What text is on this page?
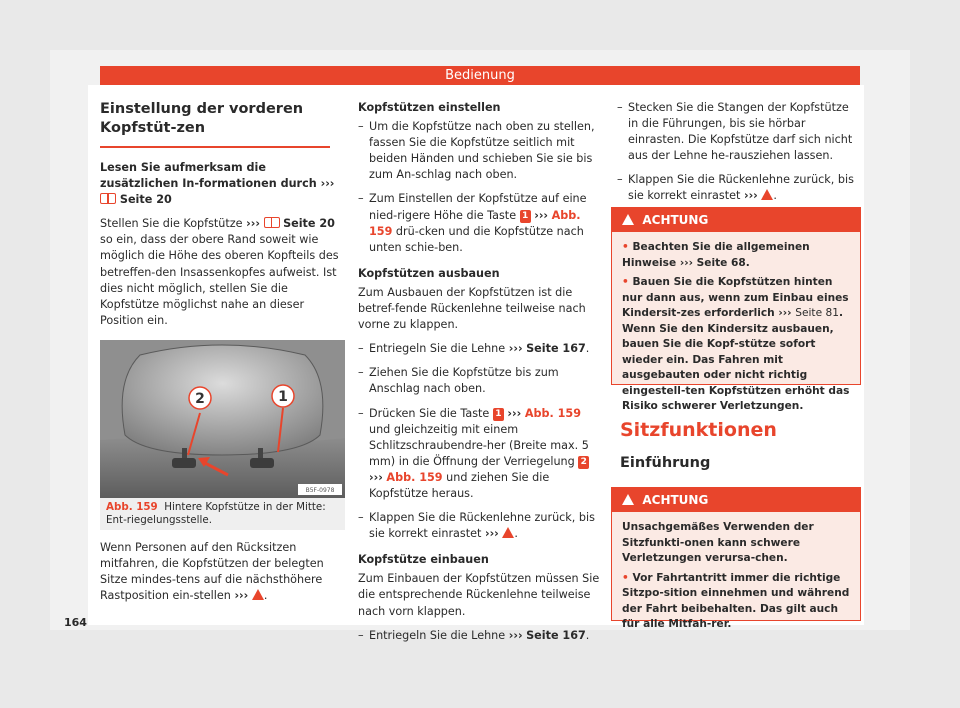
Bedienung
Einstellung der vorderen Kopfstüt-zen

Lesen Sie aufmerksam die zusätzlichen In-formationen durch ›››  Seite 20

Stellen Sie die Kopfstütze ››› Seite 20 so ein, dass der obere Rand soweit wie möglich die Höhe des oberen Kopfteils des betreffen-den Insassenkopfes aufweist. Ist dies nicht möglich, stellen Sie die Kopfstütze möglichst nahe an dieser Position ein.

2	1
B5F-0978
Abb. 159 Hintere Kopfstütze in der Mitte: Ent-riegelungsstelle.

Wenn Personen auf den Rücksitzen mitfahren, die Kopfstützen der belegten Sitze mindes-tens auf die nächsthöhere Rastposition ein-stellen ››› .

164

Kopfstützen einstellen

– Um die Kopfstütze nach oben zu stellen, fassen Sie die Kopfstütze seitlich mit beiden Händen und schieben Sie sie bis zum An-schlag nach oben.

– Zum Einstellen der Kopfstütze auf eine nied-rigere Höhe die Taste 1 ››› Abb. 159 drü-cken und die Kopfstütze nach unten schie-ben.

Kopfstützen ausbauen

Zum Ausbauen der Kopfstützen ist die betref-fende Rückenlehne teilweise nach vorne zu klappen.

– Entriegeln Sie die Lehne ››› Seite 167.

– Ziehen Sie die Kopfstütze bis zum Anschlag nach oben.

– Drücken Sie die Taste 1 ››› Abb. 159 und gleichzeitig mit einem Schlitzschraubendre-her (Breite max. 5 mm) in die Öffnung der Verriegelung 2 ››› Abb. 159 und ziehen Sie die Kopfstütze heraus.

– Klappen Sie die Rückenlehne zurück, bis sie korrekt einrastet ››› .

Kopfstütze einbauen

Zum Einbauen der Kopfstützen müssen Sie die entsprechende Rückenlehne teilweise nach vorn klappen.

– Entriegeln Sie die Lehne ››› Seite 167.

– Stecken Sie die Stangen der Kopfstütze in die Führungen, bis sie hörbar einrasten. Die Kopfstütze darf sich nicht aus der Lehne he-rausziehen lassen.

– Klappen Sie die Rückenlehne zurück, bis sie korrekt einrastet ››› .

ACHTUNG
• Beachten Sie die allgemeinen Hinweise ››› Seite 68.
• Bauen Sie die Kopfstützen hinten nur dann aus, wenn zum Einbau eines Kindersit-zes erforderlich ››› Seite 81. Wenn Sie den Kindersitz ausbauen, bauen Sie die Kopf-stütze sofort wieder ein. Das Fahren mit ausgebauten oder nicht richtig eingestell-ten Kopfstützen erhöht das Risiko schwerer Verletzungen.
Sitzfunktionen
Einführung
ACHTUNG
Unsachgemäßes Verwenden der Sitzfunkti-onen kann schwere Verletzungen verursa-chen.
• Vor Fahrtantritt immer die richtige Sitzpo-sition einnehmen und während der Fahrt beibehalten. Das gilt auch für alle Mitfah-rer.
